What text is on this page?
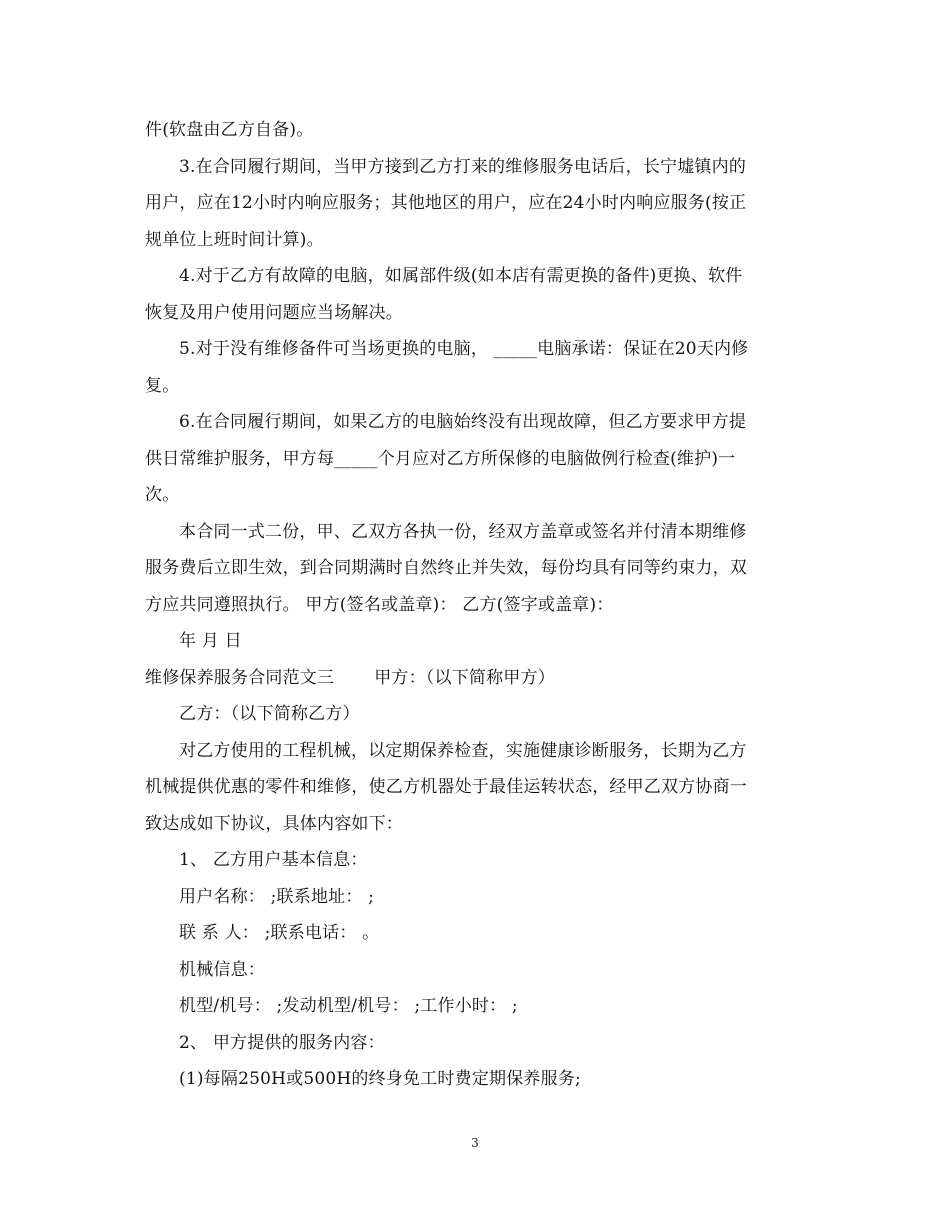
件(软盘由乙方自备)。
3.在合同履行期间，当甲方接到乙方打来的维修服务电话后，长宁墟镇内的
用户，应在12小时内响应服务；其他地区的用户，应在24小时内响应服务(按正
规单位上班时间计算)。
4.对于乙方有故障的电脑，如属部件级(如本店有需更换的备件)更换、软件
恢复及用户使用问题应当场解决。
5.对于没有维修备件可当场更换的电脑， _____电脑承诺：保证在20天内修
复。
6.在合同履行期间，如果乙方的电脑始终没有出现故障，但乙方要求甲方提
供日常维护服务，甲方每_____个月应对乙方所保修的电脑做例行检查(维护)一
次。
本合同一式二份，甲、乙双方各执一份，经双方盖章或签名并付清本期维修
服务费后立即生效，到合同期满时自然终止并失效，每份均具有同等约束力，双
方应共同遵照执行。 甲方(签名或盖章)： 乙方(签字或盖章)：
年 月 日
维修保养服务合同范文三　　 甲方：（以下简称甲方）
乙方：（以下简称乙方）
对乙方使用的工程机械，以定期保养检查，实施健康诊断服务，长期为乙方
机械提供优惠的零件和维修，使乙方机器处于最佳运转状态，经甲乙双方协商一
致达成如下协议，具体内容如下：
1、 乙方用户基本信息：
用户名称： ;联系地址： ;
联 系 人： ;联系电话： 。
机械信息：
机型/机号： ;发动机型/机号： ;工作小时： ;
2、 甲方提供的服务内容：
(1)每隔250H或500H的终身免工时费定期保养服务;
3
